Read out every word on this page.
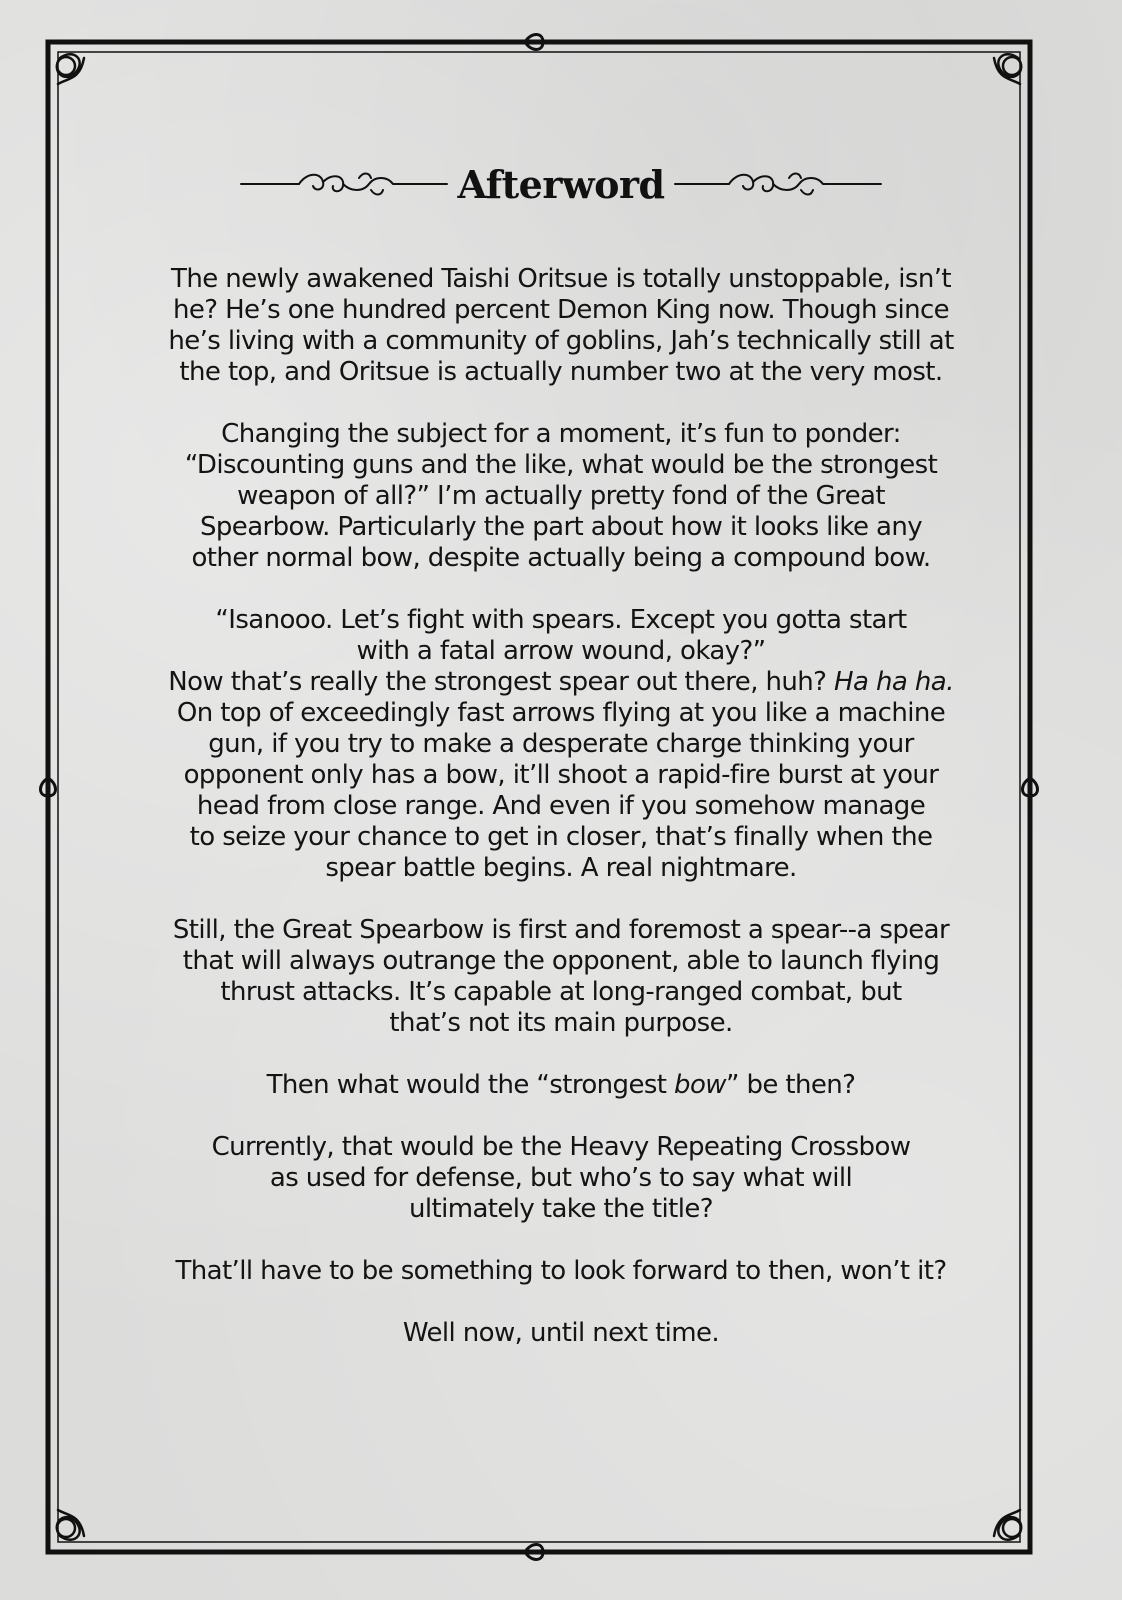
Afterword
The newly awakened Taishi Oritsue is totally unstoppable, isn’t
he? He’s one hundred percent Demon King now. Though since
he’s living with a community of goblins, Jah’s technically still at
the top, and Oritsue is actually number two at the very most.
Changing the subject for a moment, it’s fun to ponder:
“Discounting guns and the like, what would be the strongest
weapon of all?” I’m actually pretty fond of the Great
Spearbow. Particularly the part about how it looks like any
other normal bow, despite actually being a compound bow.
“Isanooo. Let’s fight with spears. Except you gotta start
with a fatal arrow wound, okay?”
Now that’s really the strongest spear out there, huh? Ha ha ha.
On top of exceedingly fast arrows flying at you like a machine
gun, if you try to make a desperate charge thinking your
opponent only has a bow, it’ll shoot a rapid-fire burst at your
head from close range. And even if you somehow manage
to seize your chance to get in closer, that’s finally when the
spear battle begins. A real nightmare.
Still, the Great Spearbow is first and foremost a spear--a spear
that will always outrange the opponent, able to launch flying
thrust attacks. It’s capable at long-ranged combat, but
that’s not its main purpose.
Then what would the “strongest bow” be then?
Currently, that would be the Heavy Repeating Crossbow
as used for defense, but who’s to say what will
ultimately take the title?
That’ll have to be something to look forward to then, won’t it?
Well now, until next time.
